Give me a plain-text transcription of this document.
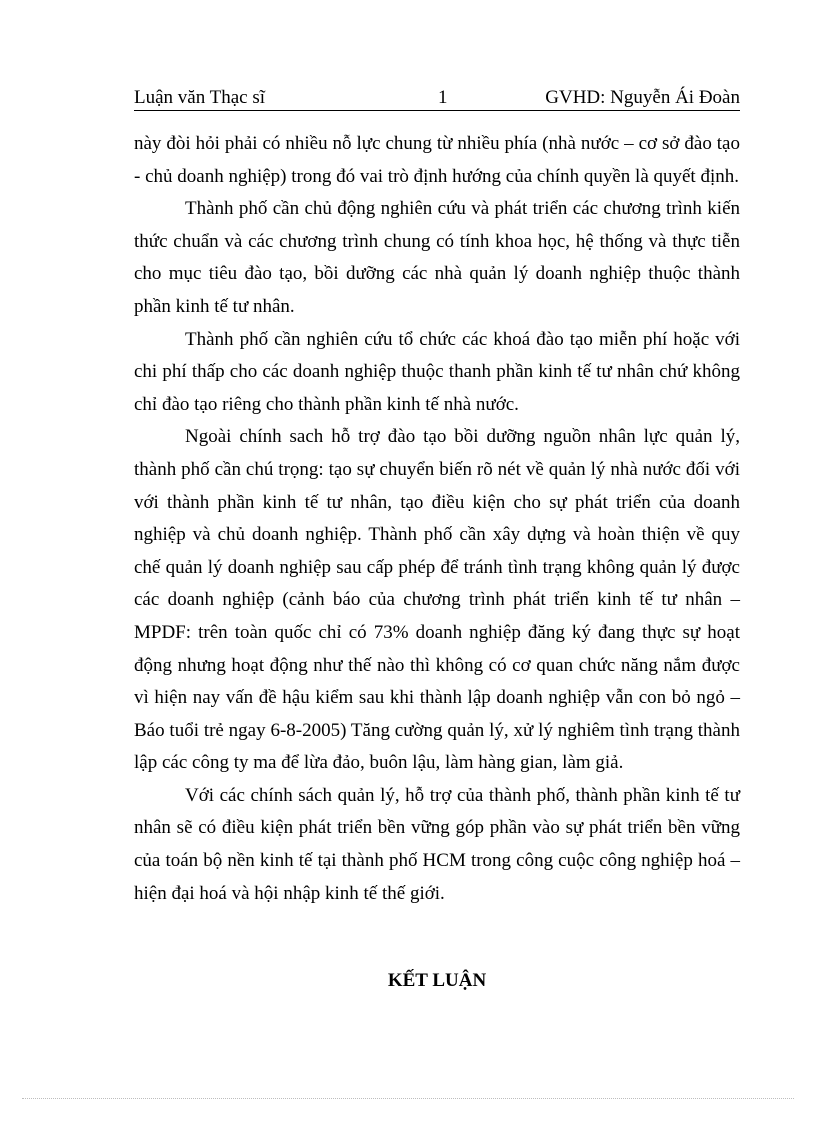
Luận văn Thạc sĩ	1	GVHD: Nguyễn Ái Đoàn

này đòi hỏi phải có nhiều nỗ lực chung từ nhiều phía (nhà nước – cơ sở đào tạo - chủ doanh nghiệp) trong đó vai trò định hướng của chính quyền là quyết định.

Thành phố cần chủ động nghiên cứu và phát triển các chương trình kiến thức chuẩn và các chương trình chung có tính khoa học, hệ thống và thực tiễn cho mục tiêu đào tạo, bồi dưỡng các nhà quản lý doanh nghiệp thuộc thành phần kinh tế tư nhân.

Thành phố cần nghiên cứu tổ chức các khoá đào tạo miễn phí hoặc với chi phí thấp cho các doanh nghiệp thuộc thanh phần kinh tế tư nhân chứ không chỉ đào tạo riêng cho thành phần kinh tế nhà nước.

Ngoài chính sach hỗ trợ đào tạo bồi dưỡng nguồn nhân lực quản lý, thành phố cần chú trọng: tạo sự chuyển biến rõ nét về quản lý nhà nước đối với với thành phần kinh tế tư nhân, tạo điều kiện cho sự phát triển của doanh nghiệp và chủ doanh nghiệp. Thành phố cần xây dựng và hoàn thiện về quy chế quản lý doanh nghiệp sau cấp phép để tránh tình trạng không quản lý được các doanh nghiệp (cảnh báo của chương trình phát triển kinh tế tư nhân – MPDF: trên toàn quốc chỉ có 73% doanh nghiệp đăng ký đang thực sự hoạt động nhưng hoạt động như thế nào thì không có cơ quan chức năng nắm được vì hiện nay vấn đề hậu kiểm sau khi thành lập doanh nghiệp vẫn con bỏ ngỏ – Báo tuổi trẻ ngay 6-8-2005) Tăng cường quản lý, xử lý nghiêm tình trạng thành lập các công ty ma để lừa đảo, buôn lậu, làm hàng gian, làm giả.

Với các chính sách quản lý, hỗ trợ của thành phố, thành phần kinh tế tư nhân sẽ có điều kiện phát triển bền vững góp phần vào sự phát triển bền vững của toán bộ nền kinh tế tại thành phố HCM trong công cuộc công nghiệp hoá – hiện đại hoá và hội nhập kinh tế thế giới.

KẾT LUẬN
